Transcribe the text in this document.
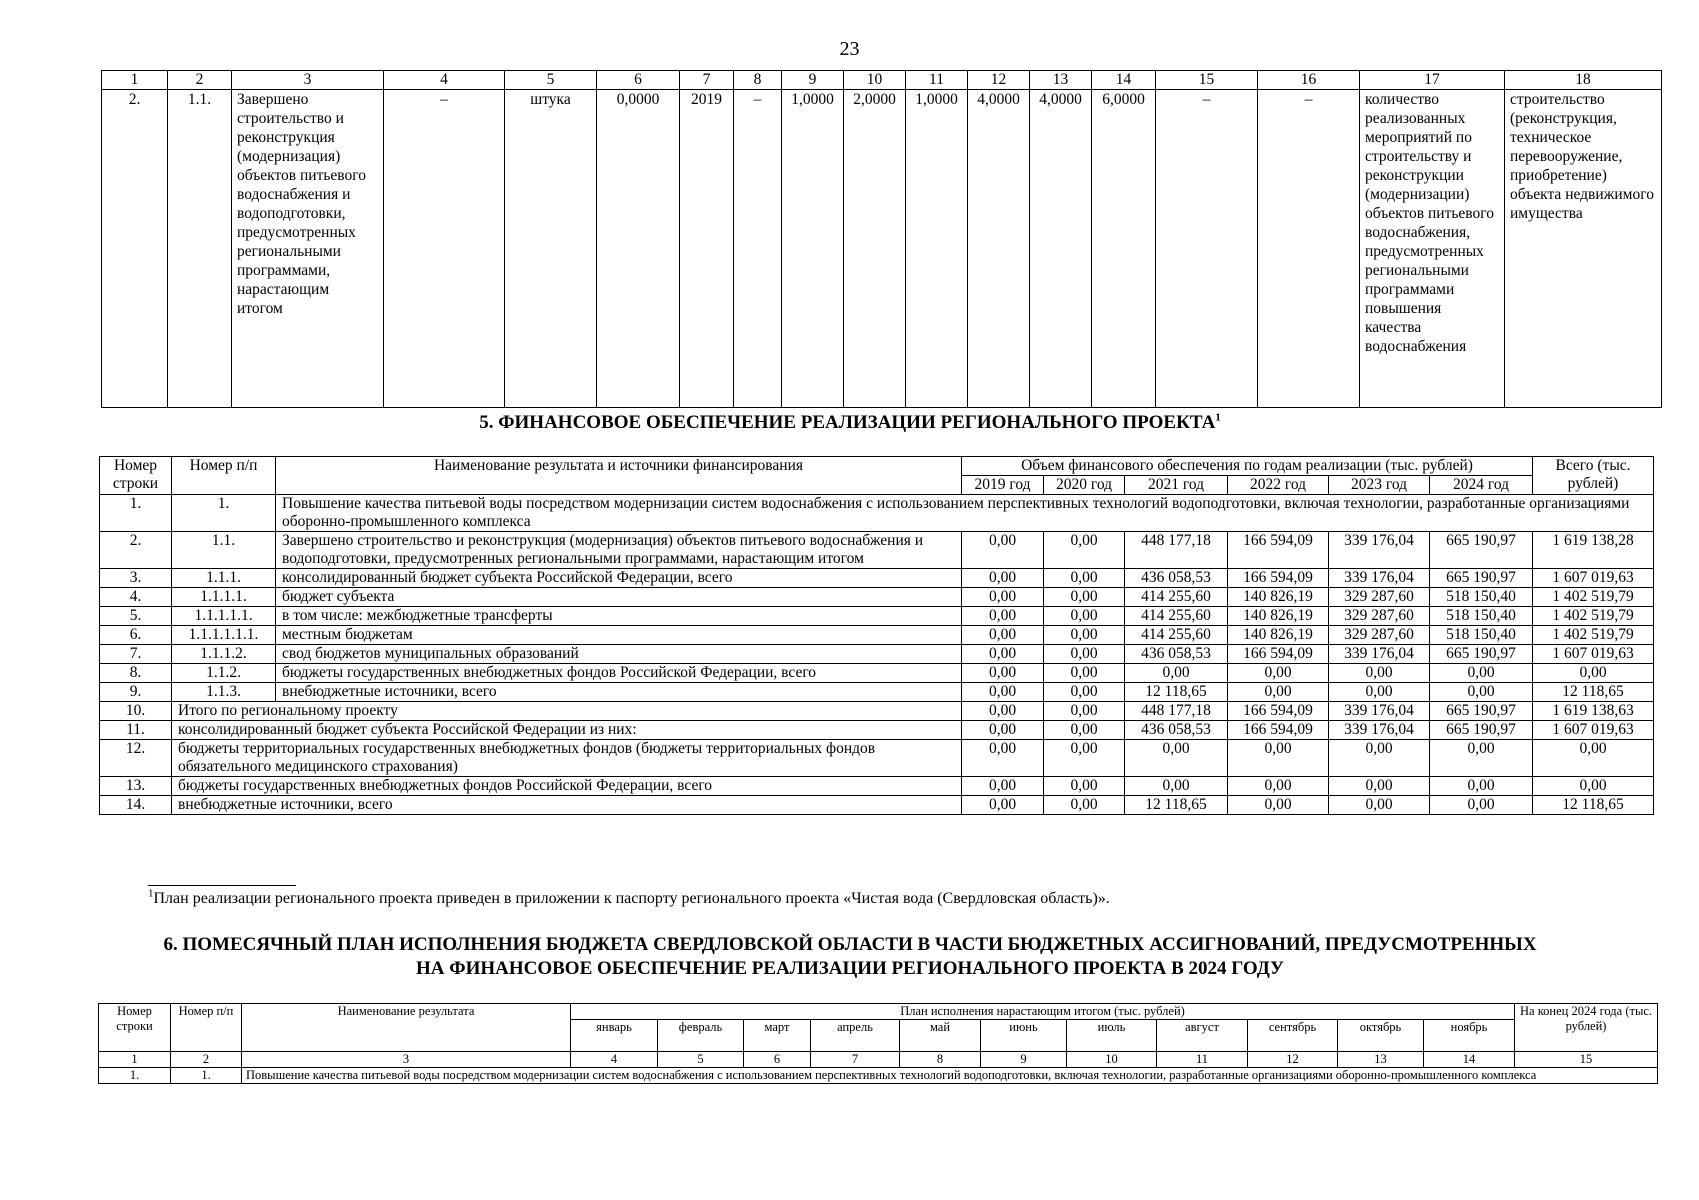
23
1	2	3	4	5	6	7	8	9	10	11	12	13	14	15	16	17	18
2.	1.1.	Завершено строительство и реконструкция (модернизация) объектов питьевого водоснабжения и водоподготовки, предусмотренных региональными программами, нарастающим итогом	–	штука	0,0000	2019	–	1,0000	2,0000	1,0000	4,0000	4,0000	6,0000	–	–	количество реализованных мероприятий по строительству и реконструкции (модернизации) объектов питьевого водоснабжения, предусмотренных региональными программами повышения качества водоснабжения	строительство (реконструкция, техническое перевооружение, приобретение) объекта недвижимого имущества
5. ФИНАНСОВОЕ ОБЕСПЕЧЕНИЕ РЕАЛИЗАЦИИ РЕГИОНАЛЬНОГО ПРОЕКТА$^1$
Номер строки	Номер п/п	Наименование результата и источники финансирования	Объем финансового обеспечения по годам реализации (тыс. рублей)						Всего (тыс. рублей)
			2019 год	2020 год	2021 год	2022 год	2023 год	2024 год	
1.	1.	Повышение качества питьевой воды посредством модернизации систем водоснабжения с использованием перспективных технологий водоподготовки, включая технологии, разработанные организациями оборонно-промышленного комплекса							
2.	1.1.	Завершено строительство и реконструкция (модернизация) объектов питьевого водоснабжения и водоподготовки, предусмотренных региональными программами, нарастающим итогом	0,00	0,00	448 177,18	166 594,09	339 176,04	665 190,97	1 619 138,28
3.	1.1.1.	консолидированный бюджет субъекта Российской Федерации, всего	0,00	0,00	436 058,53	166 594,09	339 176,04	665 190,97	1 607 019,63
4.	1.1.1.1.	бюджет субъекта	0,00	0,00	414 255,60	140 826,19	329 287,60	518 150,40	1 402 519,79
5.	1.1.1.1.1.	в том числе: межбюджетные трансферты	0,00	0,00	414 255,60	140 826,19	329 287,60	518 150,40	1 402 519,79
6.	1.1.1.1.1.1.	местным бюджетам	0,00	0,00	414 255,60	140 826,19	329 287,60	518 150,40	1 402 519,79
7.	1.1.1.2.	свод бюджетов муниципальных образований	0,00	0,00	436 058,53	166 594,09	339 176,04	665 190,97	1 607 019,63
8.	1.1.2.	бюджеты государственных внебюджетных фондов Российской Федерации, всего	0,00	0,00	0,00	0,00	0,00	0,00	0,00
9.	1.1.3.	внебюджетные источники, всего	0,00	0,00	12 118,65	0,00	0,00	0,00	12 118,65
10.	Итого по региональному проекту		0,00	0,00	448 177,18	166 594,09	339 176,04	665 190,97	1 619 138,63
11.	консолидированный бюджет субъекта Российской Федерации из них:		0,00	0,00	436 058,53	166 594,09	339 176,04	665 190,97	1 607 019,63
12.	бюджеты территориальных государственных внебюджетных фондов (бюджеты территориальных фондов обязательного медицинского страхования)		0,00	0,00	0,00	0,00	0,00	0,00	0,00
13.	бюджеты государственных внебюджетных фондов Российской Федерации, всего		0,00	0,00	0,00	0,00	0,00	0,00	0,00
14.	внебюджетные источники, всего		0,00	0,00	12 118,65	0,00	0,00	0,00	12 118,65
$^1$План реализации регионального проекта приведен в приложении к паспорту регионального проекта «Чистая вода (Свердловская область)».
6. ПОМЕСЯЧНЫЙ ПЛАН ИСПОЛНЕНИЯ БЮДЖЕТА СВЕРДЛОВСКОЙ ОБЛАСТИ В ЧАСТИ БЮДЖЕТНЫХ АССИГНОВАНИЙ, ПРЕДУСМОТРЕННЫХ
НА ФИНАНСОВОЕ ОБЕСПЕЧЕНИЕ РЕАЛИЗАЦИИ РЕГИОНАЛЬНОГО ПРОЕКТА В 2024 ГОДУ
Номер строки	Номер п/п	Наименование результата	План исполнения нарастающим итогом (тыс. рублей)											На конец 2024 года (тыс. рублей)
			январь	февраль	март	апрель	май	июнь	июль	август	сентябрь	октябрь	ноябрь	
1	2	3	4	5	6	7	8	9	10	11	12	13	14	15
1.	1.	Повышение качества питьевой воды посредством модернизации систем водоснабжения с использованием перспективных технологий водоподготовки, включая технологии, разработанные организациями оборонно-промышленного комплекса												
